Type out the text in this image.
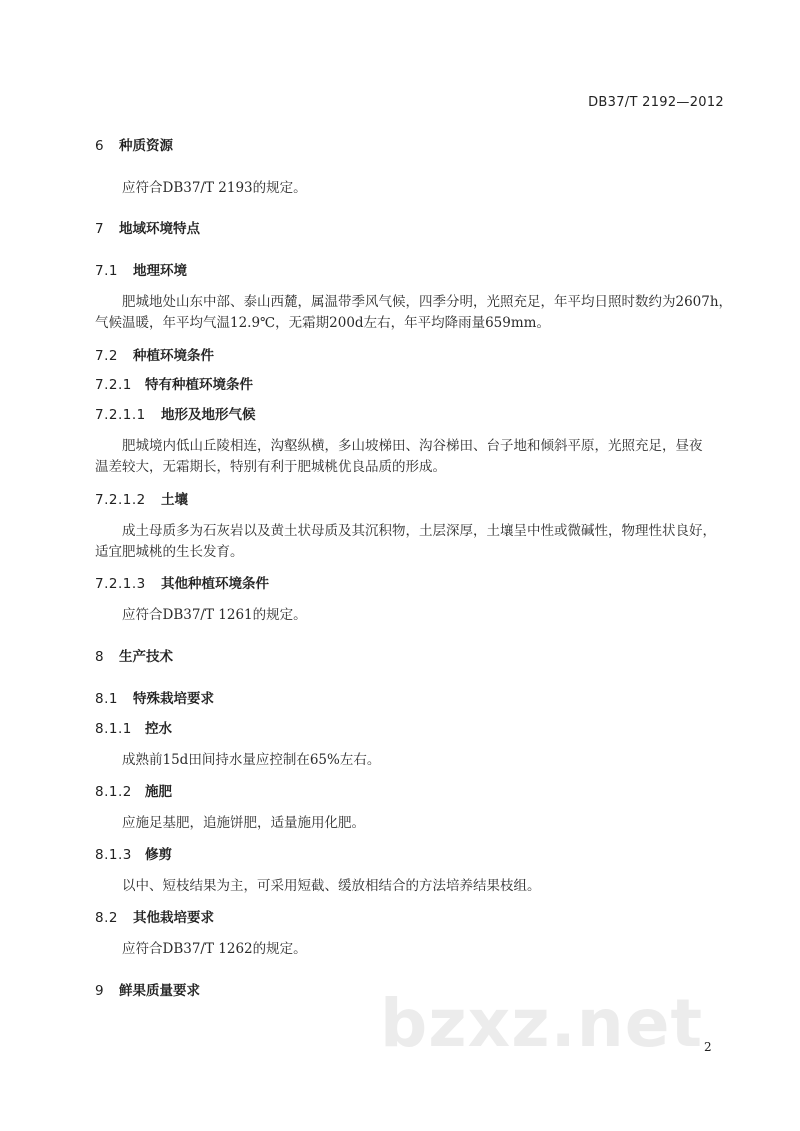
DB37/T 2192—2012
6 种质资源
应符合DB37/T 2193的规定。
7 地域环境特点
7.1 地理环境
肥城地处山东中部、泰山西麓，属温带季风气候，四季分明，光照充足，年平均日照时数约为2607h，
气候温暖，年平均气温12.9℃，无霜期200d左右，年平均降雨量659mm。
7.2 种植环境条件
7.2.1 特有种植环境条件
7.2.1.1 地形及地形气候
肥城境内低山丘陵相连，沟壑纵横，多山坡梯田、沟谷梯田、台子地和倾斜平原，光照充足，昼夜
温差较大，无霜期长，特别有利于肥城桃优良品质的形成。
7.2.1.2 土壤
成土母质多为石灰岩以及黄土状母质及其沉积物，土层深厚，土壤呈中性或微碱性，物理性状良好，
适宜肥城桃的生长发育。
7.2.1.3 其他种植环境条件
应符合DB37/T 1261的规定。
8 生产技术
8.1 特殊栽培要求
8.1.1 控水
成熟前15d田间持水量应控制在65%左右。
8.1.2 施肥
应施足基肥，追施饼肥，适量施用化肥。
8.1.3 修剪
以中、短枝结果为主，可采用短截、缓放相结合的方法培养结果枝组。
8.2 其他栽培要求
应符合DB37/T 1262的规定。
9 鲜果质量要求	bzxz.net 2
